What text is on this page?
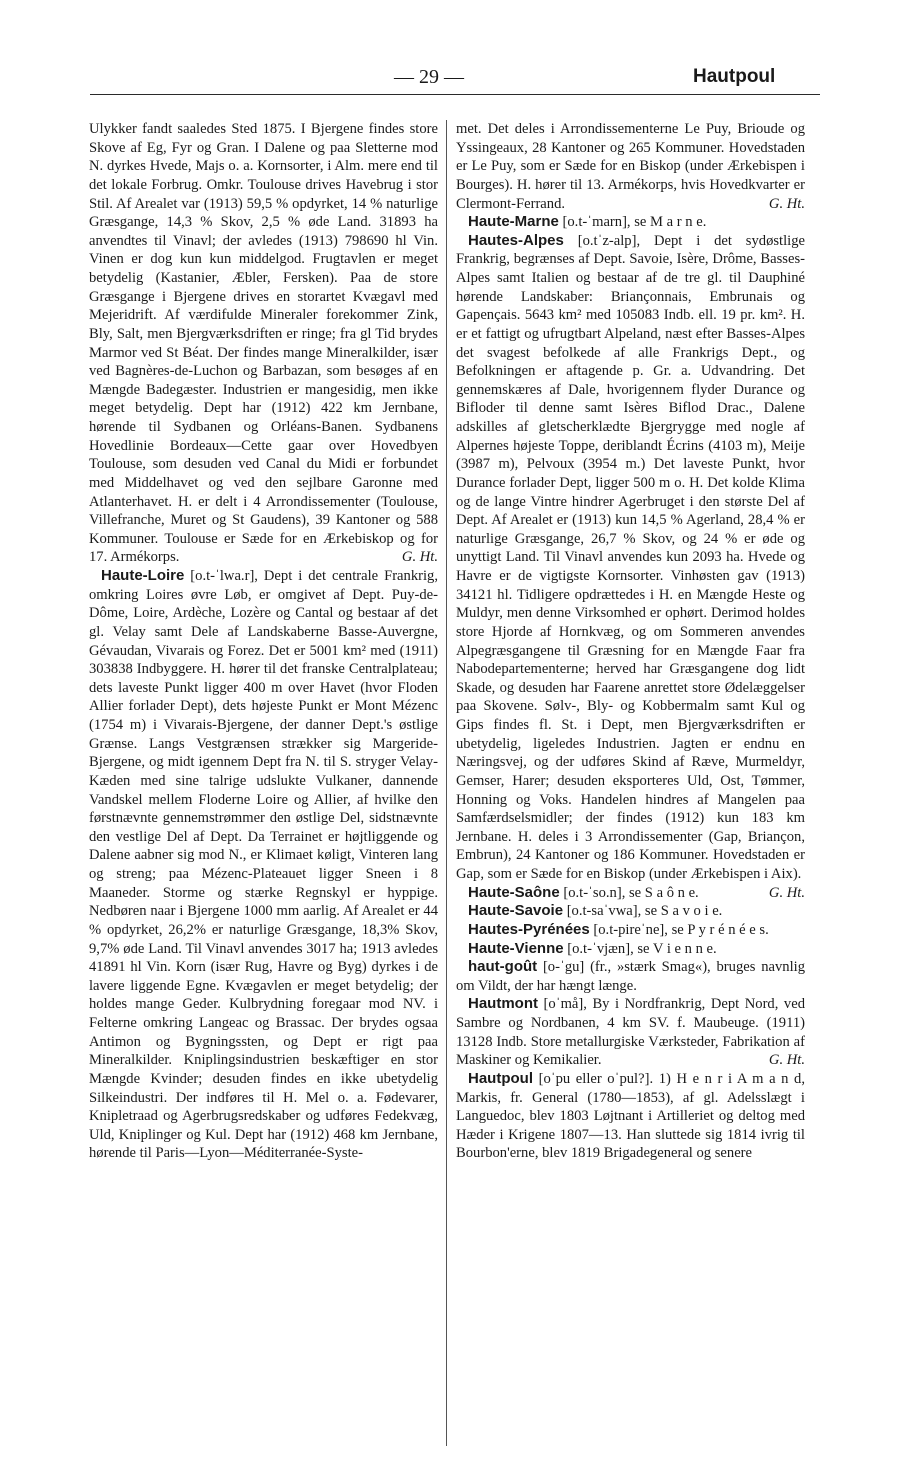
— 29 —	Hautpoul

Ulykker fandt saaledes Sted 1875. I Bjergene findes store Skove af Eg, Fyr og Gran. I Dalene og paa Sletterne mod N. dyrkes Hvede, Majs o. a. Kornsorter, i Alm. mere end til det lokale Forbrug. Omkr. Toulouse drives Havebrug i stor Stil. Af Arealet var (1913) 59,5 % opdyrket, 14 % naturlige Græsgange, 14,3 % Skov, 2,5 % øde Land. 31893 ha anvendtes til Vinavl; der avledes (1913) 798690 hl Vin. Vinen er dog kun kun middelgod. Frugtavlen er meget betydelig (Kastanier, Æbler, Fersken). Paa de store Græsgange i Bjergene drives en storartet Kvægavl med Mejeridrift. Af værdifulde Mineraler forekommer Zink, Bly, Salt, men Bjergværksdriften er ringe; fra gl Tid brydes Marmor ved St Béat. Der findes mange Mineralkilder, især ved Bagnères-de-Luchon og Barbazan, som besøges af en Mængde Badegæster. Industrien er mangesidig, men ikke meget betydelig. Dept har (1912) 422 km Jernbane, hørende til Sydbanen og Orléans-Banen. Sydbanens Hovedlinie Bordeaux—Cette gaar over Hovedbyen Toulouse, som desuden ved Canal du Midi er forbundet med Middelhavet og ved den sejlbare Garonne med Atlanterhavet. H. er delt i 4 Arrondissementer (Toulouse, Villefranche, Muret og St Gaudens), 39 Kantoner og 588 Kommuner. Toulouse er Sæde for en Ærkebiskop og for 17. Armékorps.	G. Ht.

Haute-Loire [o.t-ˈlwa.r], Dept i det centrale Frankrig, omkring Loires øvre Løb, er omgivet af Dept. Puy-de-Dôme, Loire, Ardèche, Lozère og Cantal og bestaar af det gl. Velay samt Dele af Landskaberne Basse-Auvergne, Gévaudan, Vivarais og Forez. Det er 5001 km² med (1911) 303838 Indbyggere. H. hører til det franske Centralplateau; dets laveste Punkt ligger 400 m over Havet (hvor Floden Allier forlader Dept), dets højeste Punkt er Mont Mézenc (1754 m) i Vivarais-Bjergene, der danner Dept.'s østlige Grænse. Langs Vestgrænsen strækker sig Margeride-Bjergene, og midt igennem Dept fra N. til S. stryger Velay-Kæden med sine talrige udslukte Vulkaner, dannende Vandskel mellem Floderne Loire og Allier, af hvilke den førstnævnte gennemstrømmer den østlige Del, sidstnævnte den vestlige Del af Dept. Da Terrainet er højtliggende og Dalene aabner sig mod N., er Klimaet køligt, Vinteren lang og streng; paa Mézenc-Plateauet ligger Sneen i 8 Maaneder. Storme og stærke Regnskyl er hyppige. Nedbøren naar i Bjergene 1000 mm aarlig. Af Arealet er 44 % opdyrket, 26,2% er naturlige Græsgange, 18,3% Skov, 9,7% øde Land. Til Vinavl anvendes 3017 ha; 1913 avledes 41891 hl Vin. Korn (især Rug, Havre og Byg) dyrkes i de lavere liggende Egne. Kvægavlen er meget betydelig; der holdes mange Geder. Kulbrydning foregaar mod NV. i Felterne omkring Langeac og Brassac. Der brydes ogsaa Antimon og Bygningssten, og Dept er rigt paa Mineralkilder. Kniplingsindustrien beskæftiger en stor Mængde Kvinder; desuden findes en ikke ubetydelig Silkeindustri. Der indføres til H. Mel o. a. Fødevarer, Knipletraad og Agerbrugsredskaber og udføres Fedekvæg, Uld, Kniplinger og Kul. Dept har (1912) 468 km Jernbane, hørende til Paris—Lyon—Méditerranée-Syste-

met. Det deles i Arrondissementerne Le Puy, Brioude og Yssingeaux, 28 Kantoner og 265 Kommuner. Hovedstaden er Le Puy, som er Sæde for en Biskop (under Ærkebispen i Bourges). H. hører til 13. Armékorps, hvis Hovedkvarter er Clermont-Ferrand.	G. Ht.

Haute-Marne [o.t-ˈmarn], se M a r n e.

Hautes-Alpes [o.tˈz-alp], Dept i det sydøstlige Frankrig, begrænses af Dept. Savoie, Isère, Drôme, Basses-Alpes samt Italien og bestaar af de tre gl. til Dauphiné hørende Landskaber: Briançonnais, Embrunais og Gapençais. 5643 km² med 105083 Indb. ell. 19 pr. km². H. er et fattigt og ufrugtbart Alpeland, næst efter Basses-Alpes det svagest befolkede af alle Frankrigs Dept., og Befolkningen er aftagende p. Gr. a. Udvandring. Det gennemskæres af Dale, hvorigennem flyder Durance og Bifloder til denne samt Isères Biflod Drac., Dalene adskilles af gletscherklædte Bjergrygge med nogle af Alpernes højeste Toppe, deriblandt Écrins (4103 m), Meije (3987 m), Pelvoux (3954 m.) Det laveste Punkt, hvor Durance forlader Dept, ligger 500 m o. H. Det kolde Klima og de lange Vintre hindrer Agerbruget i den største Del af Dept. Af Arealet er (1913) kun 14,5 % Agerland, 28,4 % er naturlige Græsgange, 26,7 % Skov, og 24 % er øde og unyttigt Land. Til Vinavl anvendes kun 2093 ha. Hvede og Havre er de vigtigste Kornsorter. Vinhøsten gav (1913) 34121 hl. Tidligere opdrættedes i H. en Mængde Heste og Muldyr, men denne Virksomhed er ophørt. Derimod holdes store Hjorde af Hornkvæg, og om Sommeren anvendes Alpegræsgangene til Græsning for en Mængde Faar fra Nabodepartementerne; herved har Græsgangene dog lidt Skade, og desuden har Faarene anrettet store Ødelæggelser paa Skovene. Sølv-, Bly- og Kobbermalm samt Kul og Gips findes fl. St. i Dept, men Bjergværksdriften er ubetydelig, ligeledes Industrien. Jagten er endnu en Næringsvej, og der udføres Skind af Ræve, Murmeldyr, Gemser, Harer; desuden eksporteres Uld, Ost, Tømmer, Honning og Voks. Handelen hindres af Mangelen paa Samfærdselsmidler; der findes (1912) kun 183 km Jernbane. H. deles i 3 Arrondissementer (Gap, Briançon, Embrun), 24 Kantoner og 186 Kommuner. Hovedstaden er Gap, som er Sæde for en Biskop (under Ærkebispen i Aix).
G. Ht.

Haute-Saône [o.t-ˈso.n], se S a ô n e.

Haute-Savoie [o.t-saˈvwa], se S a v o i e.

Hautes-Pyrénées [o.t-pireˈne], se P y r é n é e s.

Haute-Vienne [o.t-ˈvjæn], se V i e n n e.

haut-goût [o-ˈgu] (fr., »stærk Smag«), bruges navnlig om Vildt, der har hængt længe.

Hautmont [oˈmå], By i Nordfrankrig, Dept Nord, ved Sambre og Nordbanen, 4 km SV. f. Maubeuge. (1911) 13128 Indb. Store metallurgiske Værksteder, Fabrikation af Maskiner og Kemikalier.	G. Ht.

Hautpoul [oˈpu eller oˈpul?]. 1) H e n r i A m a n d, Markis, fr. General (1780—1853), af gl. Adelsslægt i Languedoc, blev 1803 Løjtnant i Artilleriet og deltog med Hæder i Krigene 1807—13. Han sluttede sig 1814 ivrig til Bourbon'erne, blev 1819 Brigadegeneral og senere
